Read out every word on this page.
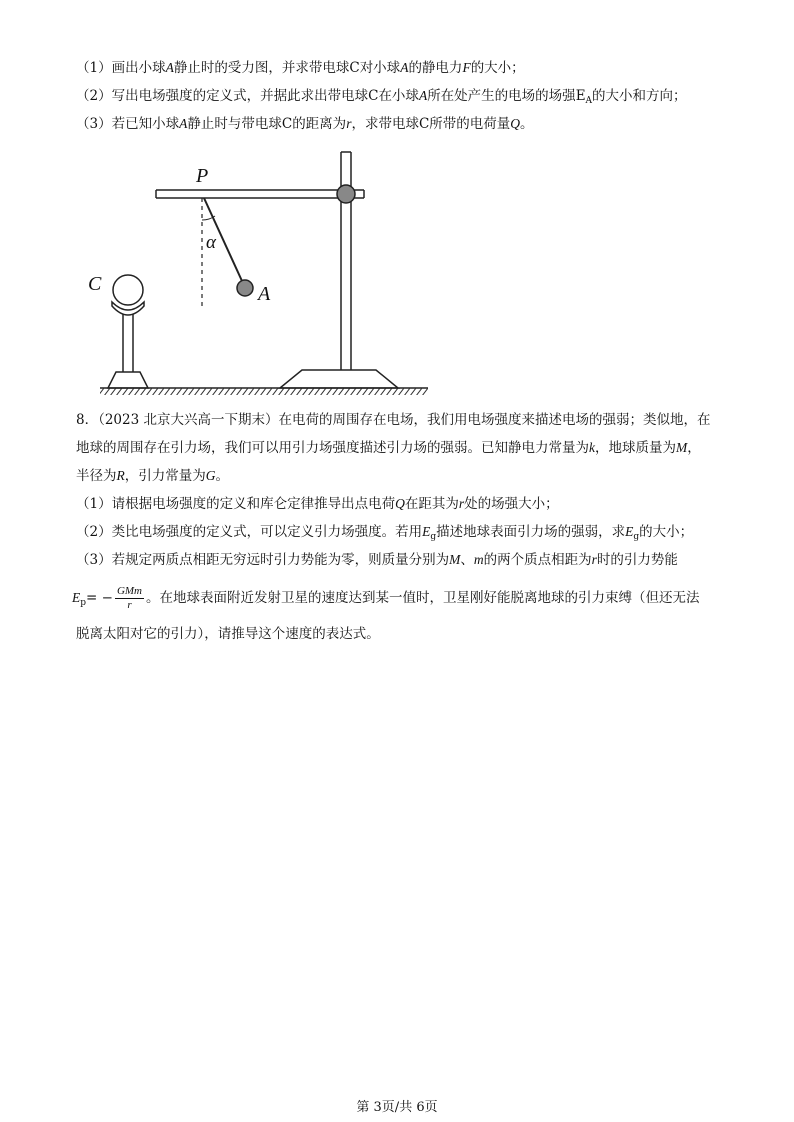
（1）画出小球A静止时的受力图，并求带电球C对小球A的静电力F的大小；
（2）写出电场强度的定义式，并据此求出带电球C在小球A所在处产生的电场的场强$E_A$的大小和方向；
（3）若已知小球A静止时与带电球C的距离为r，求带电球C所带的电荷量Q。
P
C	A
α
8．（2023 北京大兴高一下期末）在电荷的周围存在电场，我们用电场强度来描述电场的强弱；类似地，在
地球的周围存在引力场，我们可以用引力场强度描述引力场的强弱。已知静电力常量为k，地球质量为M，
半径为R，引力常量为G。
（1）请根据电场强度的定义和库仑定律推导出点电荷Q在距其为r处的场强大小；
（2）类比电场强度的定义式，可以定义引力场强度。若用$E_g$描述地球表面引力场的强弱，求$E_g$的大小；
（3）若规定两质点相距无穷远时引力势能为零，则质量分别为M、m的两个质点相距为r时的引力势能
$E_p= - \frac{\text{GMm}}{r}$ 。在地球表面附近发射卫星的速度达到某一值时，卫星刚好能脱离地球的引力束缚（但还无法
脱离太阳对它的引力），请推导这个速度的表达式。
第 3页/共 6页
